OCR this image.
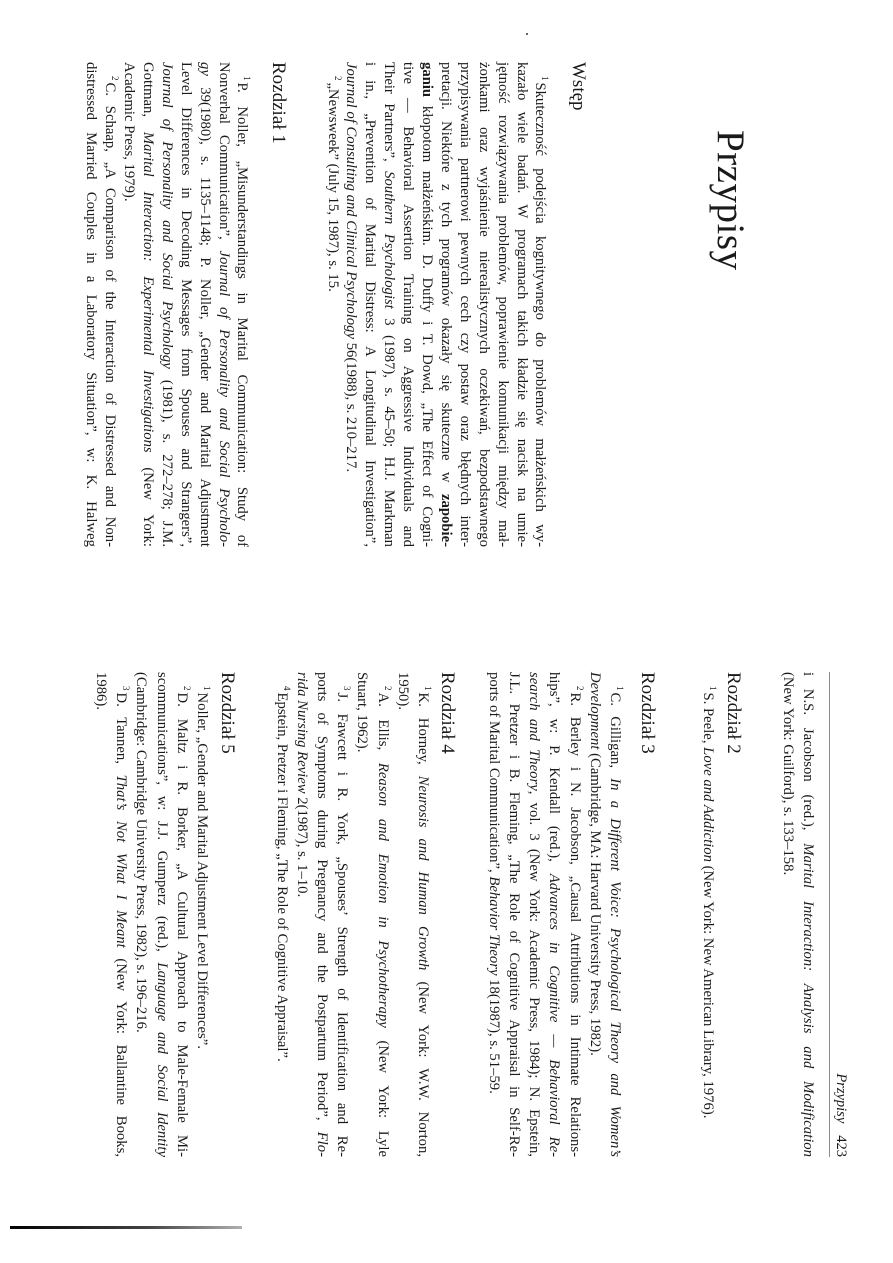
Przypisy
Przypisy423
Wstęp
$^1$Skuteczność podejścia kognitywnego do problemów małżeńskich wy-
kazało wiele badań. W programach takich kładzie się nacisk na umie-
jętność rozwiązywania problemów, poprawienie komunikacji między mał-
żonkami oraz wyjaśnienie nierealistycznych oczekiwań, bezpodstawnego
przypisywania partnerowi pewnych cech czy postaw oraz błędnych inter-
pretacji. Niektóre z tych programów okazały się skuteczne w zapobie-
ganiu kłopotom małżeńskim. D. Duffy i T. Dowd, „The Effect of Cogni-
tive — Behavioral Assertion Training on Aggressive Individuals and
Their Partners”, Southern Psychologist 3 (1987), s. 45–50; H.J. Markman
i in., „Prevention of Marital Distress: A Longitudinal Investigation”,
Journal of Consulting and Clinical Psychology 56(1988), s. 210–217.
$^2$„Newsweek” (July 15, 1987), s. 15.
Rozdział 1
$^1$P. Noller, „Misunderstandings in Marital Communication: Study of
Nonverbal Communication”, Journal of Personality and Social Psycholo-
gy 39(1980), s. 1135–1148; P. Noller, „Gender and Marital Adjustment
Level Differences in Decoding Messages from Spouses and Strangers”,
Journal of Personality and Social Psychology (1981), s. 272–278; J.M.
Gottman, Marital Interaction: Experimental Investigations (New York:
Academic Press, 1979).
$^2$C. Schaap, „A Comparison of the Interaction of Distressed and Non-
distressed Married Couples in a Laboratory Situation”, w: K. Halweg
i N.S. Jacobson (red.), Marital Interaction: Analysis and Modification
(New York: Guilford), s. 133–158.
Rozdział 2
$^1$S. Peele, Love and Addiction (New York: New American Library, 1976).
Rozdział 3
$^1$C. Gilligan, In a Different Voice: Psychological Theory and Women’s
Development (Cambridge, MA: Harvard University Press, 1982).
$^2$R. Berley i N. Jacobson, „Causal Attributions in Intimate Relations-
hips”, w: P. Kendall (red.), Advances in Cognitive — Behavioral Re-
search and Theory, vol. 3 (New York: Academic Press, 1984); N. Epstein,
J.L. Pretzer i B. Fleming, „The Role of Cognitive Appraisal in Self-Re-
ports of Marital Communication”, Behavior Theory 18(1987), s. 51–59.
Rozdział 4
$^1$K. Horney, Neurosis and Human Growth (New York: W.W. Norton,
1950).
$^2$A. Ellis, Reason and Emotion in Psychotherapy (New York: Lyle
Stuart, 1962).
$^3$J. Fawcett i R. York, „Spouses’ Strength of Identification and Re-
ports of Symptoms during Pregnancy and the Postpartum Period”, Flo-
rida Nursing Review 2(1987), s. 1–10.
$^4$Epstein, Pretzer i Fleming, „The Role of Cognitive Appraisal”.
Rozdział 5
$^1$Noller, „Gender and Marital Adjustment Level Differences”.
$^2$D. Maltz i R. Borker, „A Cultural Approach to Male-Female Mi-
scommunications”, w: J.J. Gumperz (red.), Language and Social Identity
(Cambridge: Cambridge University Press, 1982), s. 196–216.
$^3$D. Tannen, That’s Not What I Meant (New York: Ballantine Books,
1986).
